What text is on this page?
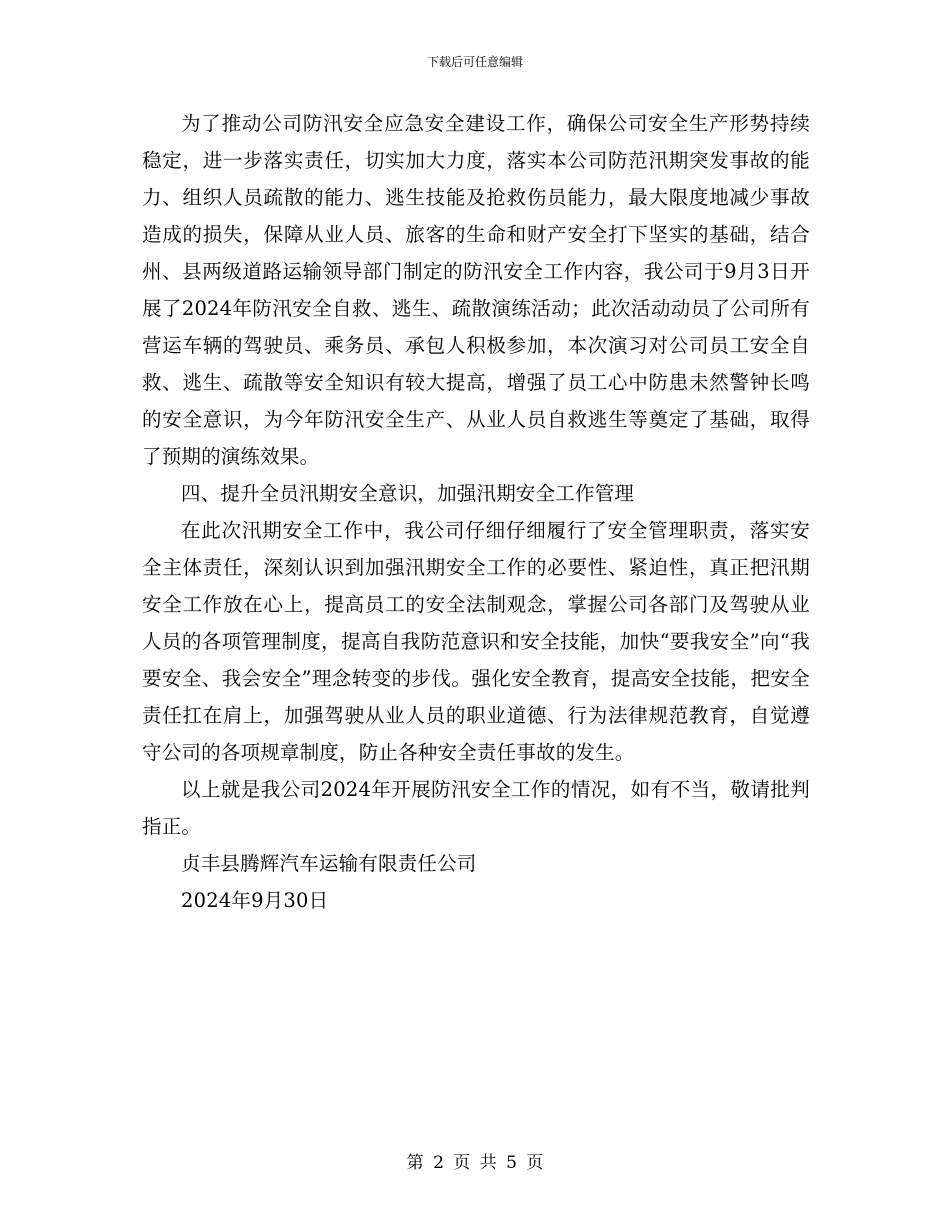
下载后可任意编辑

为了推动公司防汛安全应急安全建设工作，确保公司安全生产形势持续稳定，进一步落实责任，切实加大力度，落实本公司防范汛期突发事故的能力、组织人员疏散的能力、逃生技能及抢救伤员能力，最大限度地减少事故造成的损失，保障从业人员、旅客的生命和财产安全打下坚实的基础，结合州、县两级道路运输领导部门制定的防汛安全工作内容，我公司于9月3日开展了2024年防汛安全自救、逃生、疏散演练活动；此次活动动员了公司所有营运车辆的驾驶员、乘务员、承包人积极参加，本次演习对公司员工安全自救、逃生、疏散等安全知识有较大提高，增强了员工心中防患未然警钟长鸣的安全意识，为今年防汛安全生产、从业人员自救逃生等奠定了基础，取得了预期的演练效果。

四、提升全员汛期安全意识，加强汛期安全工作管理

在此次汛期安全工作中，我公司仔细仔细履行了安全管理职责，落实安全主体责任，深刻认识到加强汛期安全工作的必要性、紧迫性，真正把汛期安全工作放在心上，提高员工的安全法制观念，掌握公司各部门及驾驶从业人员的各项管理制度，提高自我防范意识和安全技能，加快“要我安全”向“我要安全、我会安全”理念转变的步伐。强化安全教育，提高安全技能，把安全责任扛在肩上，加强驾驶从业人员的职业道德、行为法律规范教育，自觉遵守公司的各项规章制度，防止各种安全责任事故的发生。

以上就是我公司2024年开展防汛安全工作的情况，如有不当，敬请批判指正。

贞丰县腾辉汽车运输有限责任公司

2024年9月30日

第 2 页 共 5 页
